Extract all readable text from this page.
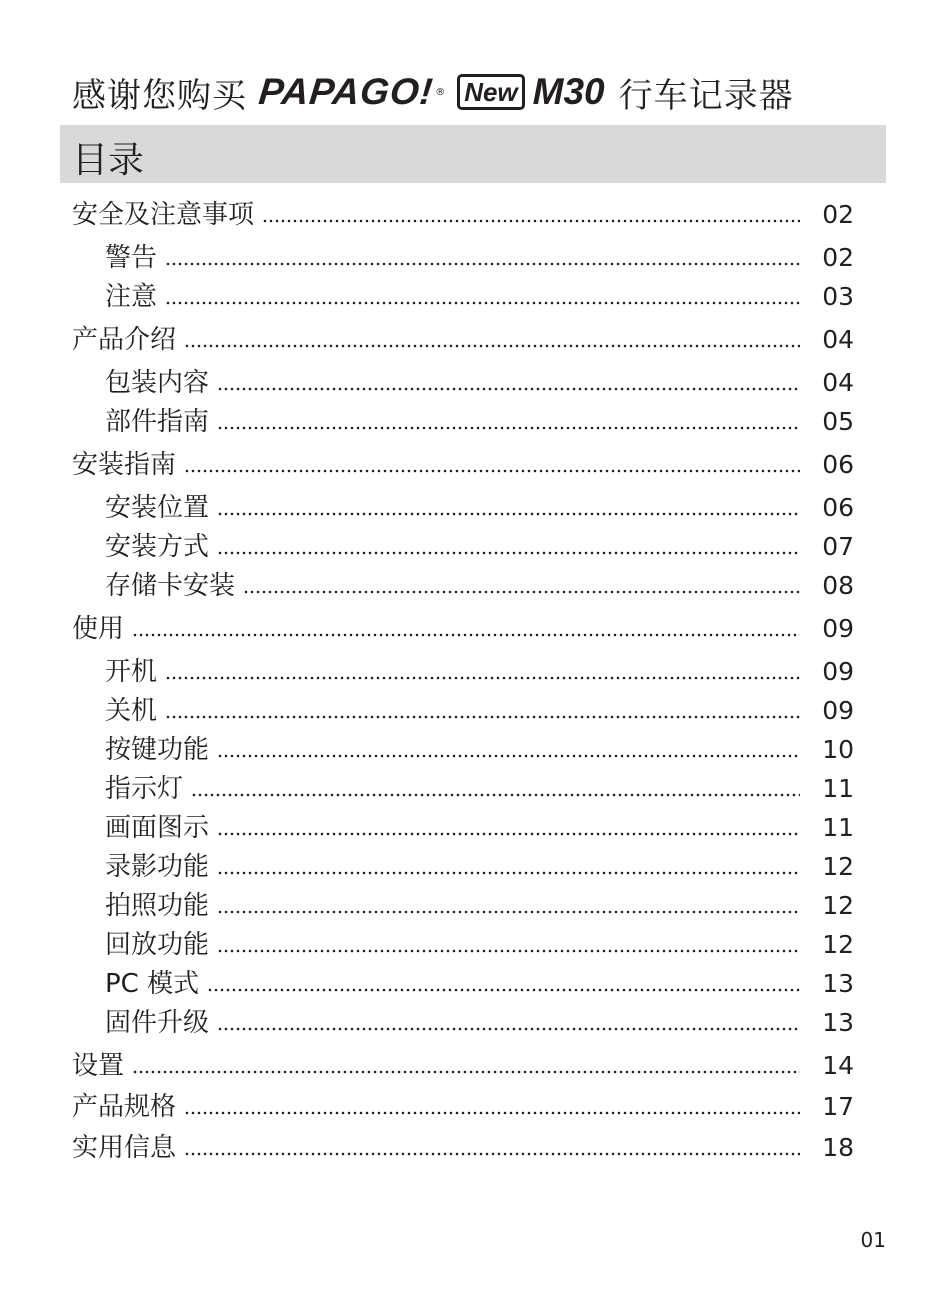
感谢您购买 PAPAGO! ® New M30 行车记录器
目录
安全及注意事项	02
警告	02
注意	03
产品介绍	04
包装内容	04
部件指南	05
安装指南	06
安装位置	06
安装方式	07
存储卡安装	08
使用	09
开机	09
关机	09
按键功能	10
指示灯	11
画面图示	11
录影功能	12
拍照功能	12
回放功能	12
PC 模式	13
固件升级	13
设置	14
产品规格	17
实用信息	18
01
